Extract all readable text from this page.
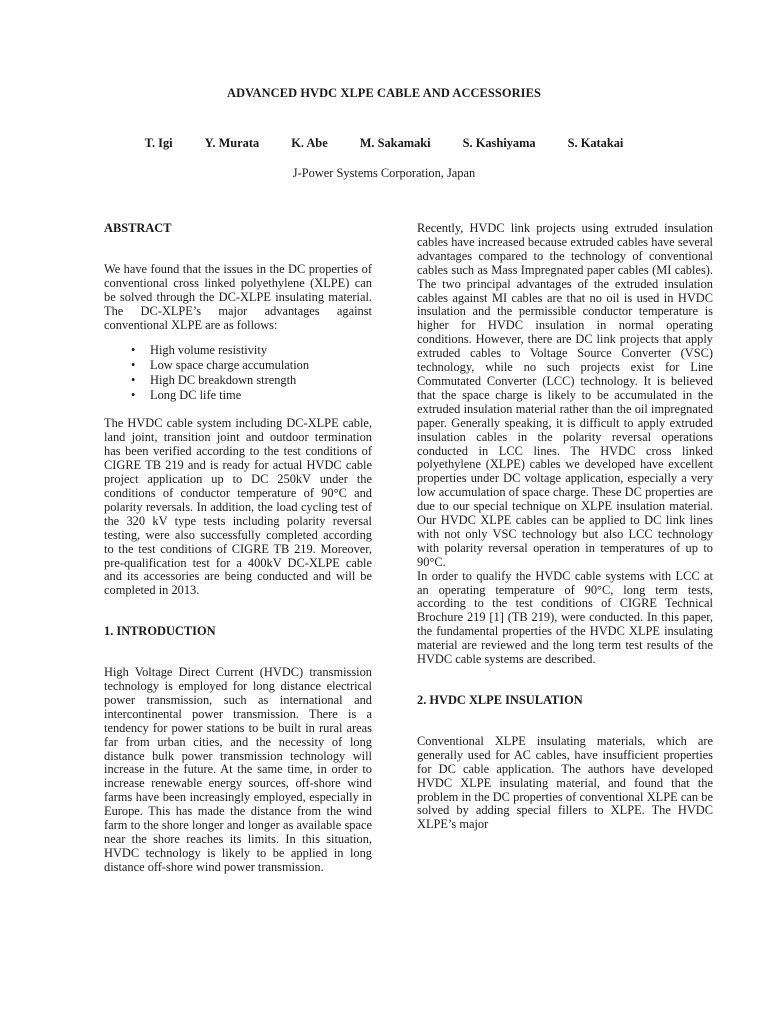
ADVANCED HVDC XLPE CABLE AND ACCESSORIES
T. Igi	Y. Murata	K. Abe	M. Sakamaki	S. Kashiyama	S. Katakai
J-Power Systems Corporation, Japan
ABSTRACT

We have found that the issues in the DC properties of conventional cross linked polyethylene (XLPE) can be solved through the DC-XLPE insulating material. The DC-XLPE’s major advantages against conventional XLPE are as follows:

• High volume resistivity
• Low space charge accumulation
• High DC breakdown strength
• Long DC life time

The HVDC cable system including DC-XLPE cable, land joint, transition joint and outdoor termination has been verified according to the test conditions of CIGRE TB 219 and is ready for actual HVDC cable project application up to DC 250kV under the conditions of conductor temperature of 90°C and polarity reversals. In addition, the load cycling test of the 320 kV type tests including polarity reversal testing, were also successfully completed according to the test conditions of CIGRE TB 219. Moreover, pre-qualification test for a 400kV DC-XLPE cable and its accessories are being conducted and will be completed in 2013.

1. INTRODUCTION

High Voltage Direct Current (HVDC) transmission technology is employed for long distance electrical power transmission, such as international and intercontinental power transmission. There is a tendency for power stations to be built in rural areas far from urban cities, and the necessity of long distance bulk power transmission technology will increase in the future. At the same time, in order to increase renewable energy sources, off-shore wind farms have been increasingly employed, especially in Europe. This has made the distance from the wind farm to the shore longer and longer as available space near the shore reaches its limits. In this situation, HVDC technology is likely to be applied in long distance off-shore wind power transmission.

Recently, HVDC link projects using extruded insulation cables have increased because extruded cables have several advantages compared to the technology of conventional cables such as Mass Impregnated paper cables (MI cables). The two principal advantages of the extruded insulation cables against MI cables are that no oil is used in HVDC insulation and the permissible conductor temperature is higher for HVDC insulation in normal operating conditions. However, there are DC link projects that apply extruded cables to Voltage Source Converter (VSC) technology, while no such projects exist for Line Commutated Converter (LCC) technology. It is believed that the space charge is likely to be accumulated in the extruded insulation material rather than the oil impregnated paper. Generally speaking, it is difficult to apply extruded insulation cables in the polarity reversal operations conducted in LCC lines. The HVDC cross linked polyethylene (XLPE) cables we developed have excellent properties under DC voltage application, especially a very low accumulation of space charge. These DC properties are due to our special technique on XLPE insulation material. Our HVDC XLPE cables can be applied to DC link lines with not only VSC technology but also LCC technology with polarity reversal operation in temperatures of up to 90°C.

In order to qualify the HVDC cable systems with LCC at an operating temperature of 90°C, long term tests, according to the test conditions of CIGRE Technical Brochure 219 [1] (TB 219), were conducted. In this paper, the fundamental properties of the HVDC XLPE insulating material are reviewed and the long term test results of the HVDC cable systems are described.

2. HVDC XLPE INSULATION

Conventional XLPE insulating materials, which are generally used for AC cables, have insufficient properties for DC cable application. The authors have developed HVDC XLPE insulating material, and found that the problem in the DC properties of conventional XLPE can be solved by adding special fillers to XLPE. The HVDC XLPE’s major
